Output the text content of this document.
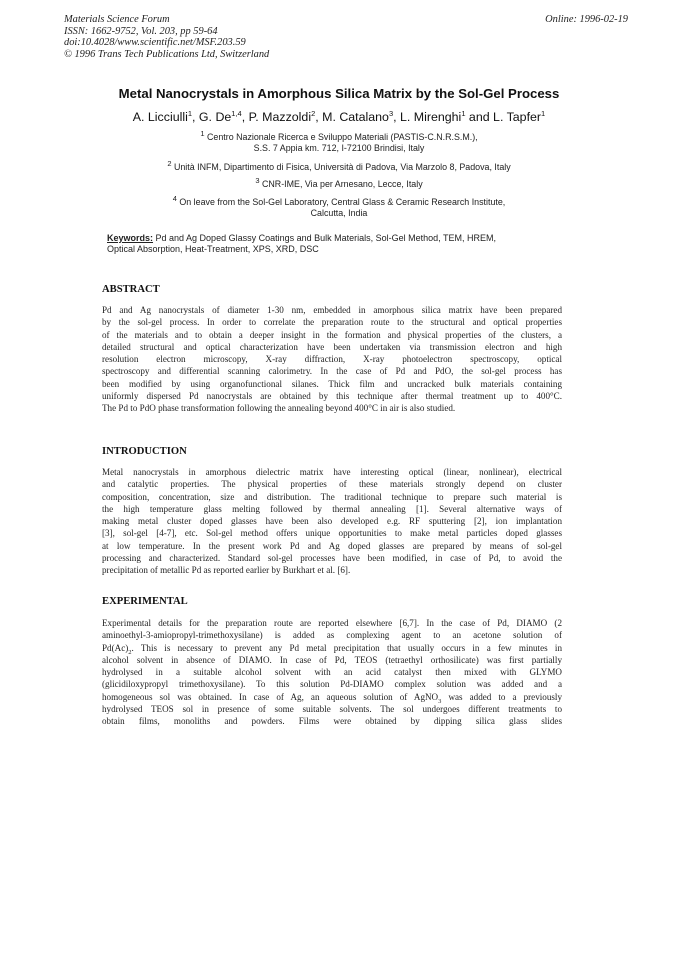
Materials Science Forum
ISSN: 1662-9752, Vol. 203, pp 59-64
doi:10.4028/www.scientific.net/MSF.203.59
© 1996 Trans Tech Publications Ltd, Switzerland
Online: 1996-02-19
Metal Nanocrystals in Amorphous Silica Matrix by the Sol-Gel Process
A. Licciulli$^1$, G. De$^{1,4}$, P. Mazzoldi$^2$, M. Catalano$^3$, L. Mirenghi$^1$ and L. Tapfer$^1$
$^1$ Centro Nazionale Ricerca e Sviluppo Materiali (PASTIS-C.N.R.S.M.),
S.S. 7 Appia km. 712, I-72100 Brindisi, Italy
$^2$ Unità INFM, Dipartimento di Fisica, Università di Padova, Via Marzolo 8, Padova, Italy
$^3$ CNR-IME, Via per Arnesano, Lecce, Italy
$^4$ On leave from the Sol-Gel Laboratory, Central Glass & Ceramic Research Institute,
Calcutta, India
Keywords: Pd and Ag Doped Glassy Coatings and Bulk Materials, Sol-Gel Method, TEM, HREM,
Optical Absorption, Heat-Treatment, XPS, XRD, DSC
ABSTRACT
Pd and Ag nanocrystals of diameter 1-30 nm, embedded in amorphous silica matrix have been prepared
by the sol-gel process. In order to correlate the preparation route to the structural and optical properties
of the materials and to obtain a deeper insight in the formation and physical properties of the clusters, a
detailed structural and optical characterization have been undertaken via transmission electron and high
resolution electron microscopy, X-ray diffraction, X-ray photoelectron spectroscopy, optical
spectroscopy and differential scanning calorimetry. In the case of Pd and PdO, the sol-gel process has
been modified by using organofunctional silanes. Thick film and uncracked bulk materials containing
uniformly dispersed Pd nanocrystals are obtained by this technique after thermal treatment up to 400°C.
The Pd to PdO phase transformation following the annealing beyond 400°C in air is also studied.
INTRODUCTION
Metal nanocrystals in amorphous dielectric matrix have interesting optical (linear, nonlinear), electrical
and catalytic properties. The physical properties of these materials strongly depend on cluster
composition, concentration, size and distribution. The traditional technique to prepare such material is
the high temperature glass melting followed by thermal annealing [1]. Several alternative ways of
making metal cluster doped glasses have been also developed e.g. RF sputtering [2], ion implantation
[3], sol-gel [4-7], etc. Sol-gel method offers unique opportunities to make metal particles doped glasses
at low temperature. In the present work Pd and Ag doped glasses are prepared by means of sol-gel
processing and characterized. Standard sol-gel processes have been modified, in case of Pd, to avoid the
precipitation of metallic Pd as reported earlier by Burkhart et al. [6].
EXPERIMENTAL
Experimental details for the preparation route are reported elsewhere [6,7]. In the case of Pd, DIAMO (2
aminoethyl-3-amiopropyl-trimethoxysilane) is added as complexing agent to an acetone solution of
$Pd(Ac)_2$. This is necessary to prevent any Pd metal precipitation that usually occurs in a few minutes in
alcohol solvent in absence of DIAMO. In case of Pd, TEOS (tetraethyl orthosilicate) was first partially
hydrolysed in a suitable alcohol solvent with an acid catalyst then mixed with GLYMO
(glicidiloxypropyl trimethoxysilane). To this solution Pd-DIAMO complex solution was added and a
homogeneous sol was obtained. In case of Ag, an aqueous solution of AgNO$_3$ was added to a previously
hydrolysed TEOS sol in presence of some suitable solvents. The sol undergoes different treatments to
obtain films, monoliths and powders. Films were obtained by dipping silica glass slides
